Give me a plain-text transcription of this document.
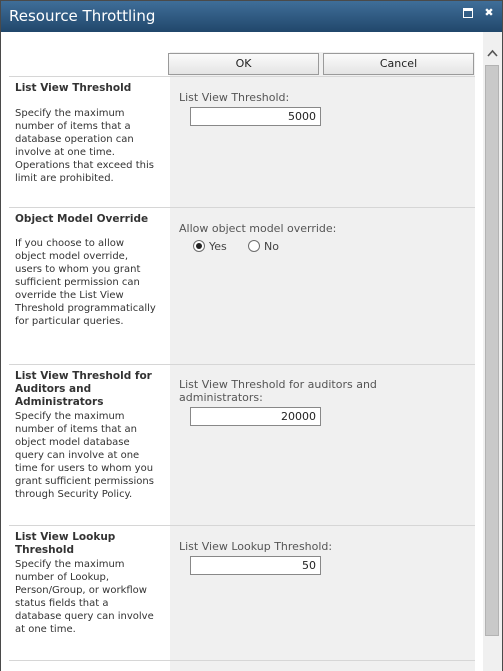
Resource Throttling	✖
OK	Cancel
List View Threshold
Specify the maximum number of items that a database operation can involve at one time. Operations that exceed this limit are prohibited.
List View Threshold:
5000
Object Model Override
If you choose to allow object model override, users to whom you grant sufficient permission can override the List View Threshold programmatically for particular queries.
Allow object model override:
Yes	No
List View Threshold for Auditors and Administrators
Specify the maximum number of items that an object model database query can involve at one time for users to whom you grant sufficient permissions through Security Policy.
List View Threshold for auditors and administrators:
20000
List View Lookup Threshold
Specify the maximum number of Lookup, Person/Group, or workflow status fields that a database query can involve at one time.
List View Lookup Threshold:
50
